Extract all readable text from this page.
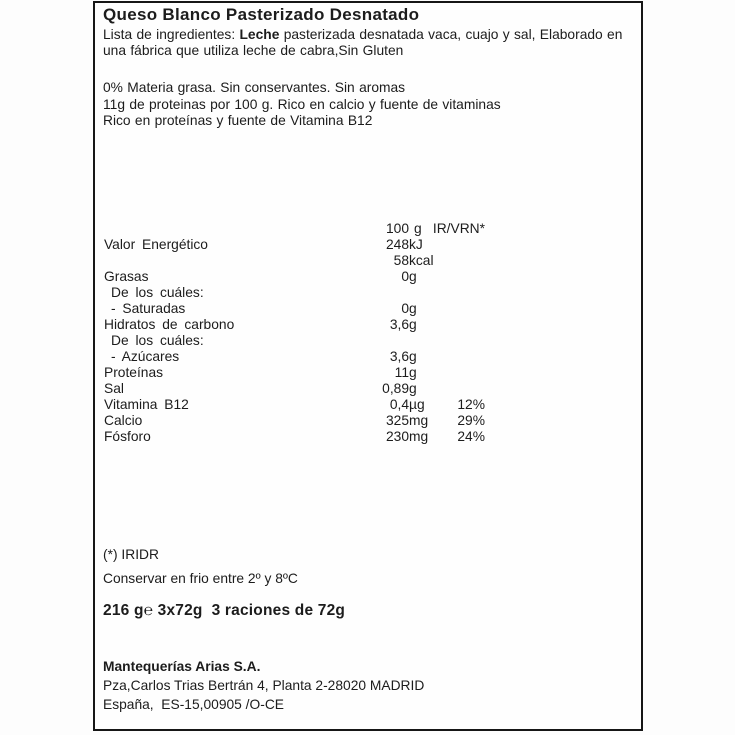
Queso Blanco Pasterizado Desnatado

Lista de ingredientes: Leche pasterizada desnatada vaca, cuajo y sal, Elaborado en una fábrica que utiliza leche de cabra,Sin Gluten

0% Materia grasa. Sin conservantes. Sin aromas
11g de proteinas por 100 g. Rico en calcio y fuente de vitaminas
Rico en proteínas y fuente de Vitamina B12
100 g IR/VRN*
Valor Energético	248 kJ
58 kcal
Grasas	0 g
De los cuáles:
- Saturadas	0 g
Hidratos de carbono	3,6 g
De los cuáles:
- Azúcares	3,6 g
Proteínas	11 g
Sal	0,89 g
Vitamina B12	0,4 µg 12%
Calcio	325 mg 29%
Fósforo	230 mg 24%
(*) IRIDR
Conservar en frio entre 2º y 8ºC
216 g℮ 3x72g  3 raciones de 72g
Mantequerías Arias S.A.
Pza,Carlos Trias Bertrán 4, Planta 2-28020 MADRID
España,  ES-15,00905 /O-CE
